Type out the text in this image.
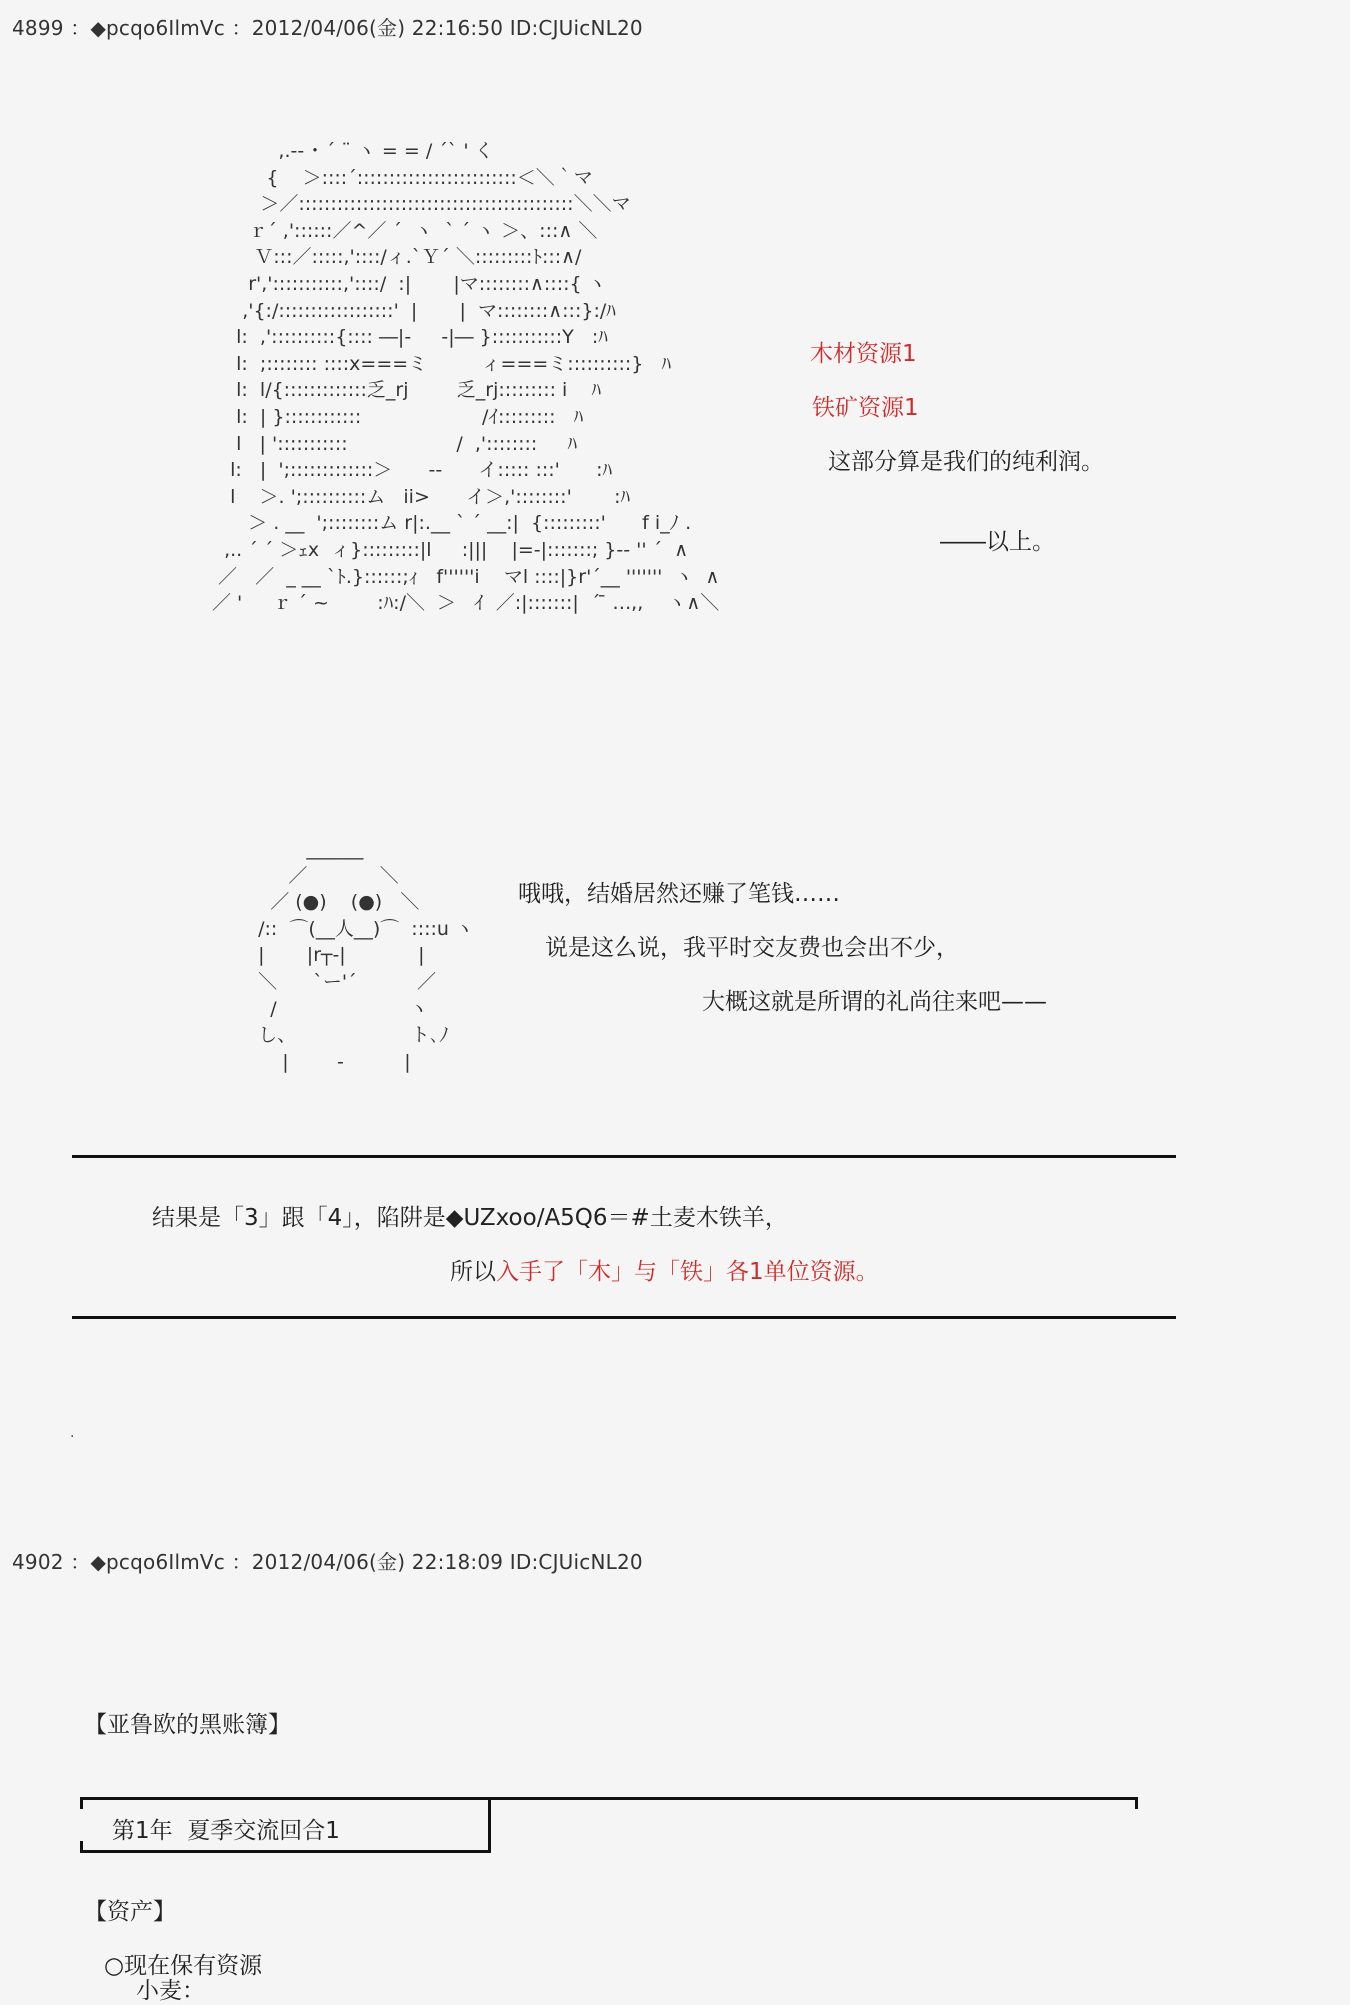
4899 ：◆pcqo6IlmVc ：2012/04/06(金) 22:16:50 ID:CJUicNL20
,.-‐ ･ ´ ¨ ヽ = = / ´` ' く
{    ＞::::´:::::::::::::::::::::::::＜＼｀マ
＞／:::::::::::::::::::::::::::::::::::::::::::＼＼マ
ｒ´ ,'::::::／^／ ´  ヽ  ` ´ ヽ ＞、:::∧ ＼
Ｖ:::／:::::,'::::/ィ.`Ｙ´ ＼:::::::::ﾄ:::∧/
r',':::::::::::,'::::/  :|       |マ::::::::∧::::{ ヽ
,'{:/::::::::::::::::::'  |       |  マ::::::::∧:::}:/ﾊ
l:  ,'::::::::::{:::: ―|-     -|― }:::::::::::Y   :ﾊ
l:  ;:::::::: ::::x===ミ         ィ===ミ::::::::::}   ﾊ
l:  l/{:::::::::::::乏_rj        乏_rj::::::::: i    ﾊ
l:  | }::::::::::::                    /ｲ:::::::::   ﾊ
l   | ':::::::::::                  /  ,'::::::::     ﾊ
l:   |  ';:::::::::::::＞      --      イ::::: :::'      :ﾊ
l    ＞. ';::::::::::ム   ii>      イ＞,'::::::::'       :ﾊ
＞ . __  ';::::::::ム r|:.__ ` ´ __:|  {:::::::::'      f i_ﾉ .
,.. ´ ´ ＞ｪx  ィ}:::::::::|l     :|||    |=-|:::::::; }-‐ '' ´  ∧
／   ／  _ __ `ﾄ.}::::::;ｨ   f''''''i    マl ::::|}r'´__ '''''''  ヽ  ∧
／ '     ｒ ´ ~        :ﾊ:/＼  ＞   ｲ  ／:|:::::::|  ´ ̄ ‥.,,    ヽ∧＼
木材资源1
铁矿资源1
这部分算是我们的纯利润。
――以上。
______
／            ＼
／ (●)    (●)   ＼
/::  ⌒(__人__)⌒  ::::u ヽ
|       |r┬-|            |
＼      `ー'´          ／
/                      ヽ
し、                   ト､ﾉ
|        -          |
哦哦，结婚居然还赚了笔钱……
说是这么说，我平时交友费也会出不少，
大概这就是所谓的礼尚往来吧——
结果是「3」跟「4」，陷阱是◆UZxoo/A5Q6＝#土麦木铁羊，
所以入手了「木」与「铁」各1单位资源。
.
4902 ：◆pcqo6IlmVc ：2012/04/06(金) 22:18:09 ID:CJUicNL20
【亚鲁欧的黑账簿】
第1年  夏季交流回合1
【资产】
○现在保有资源
小麦：
